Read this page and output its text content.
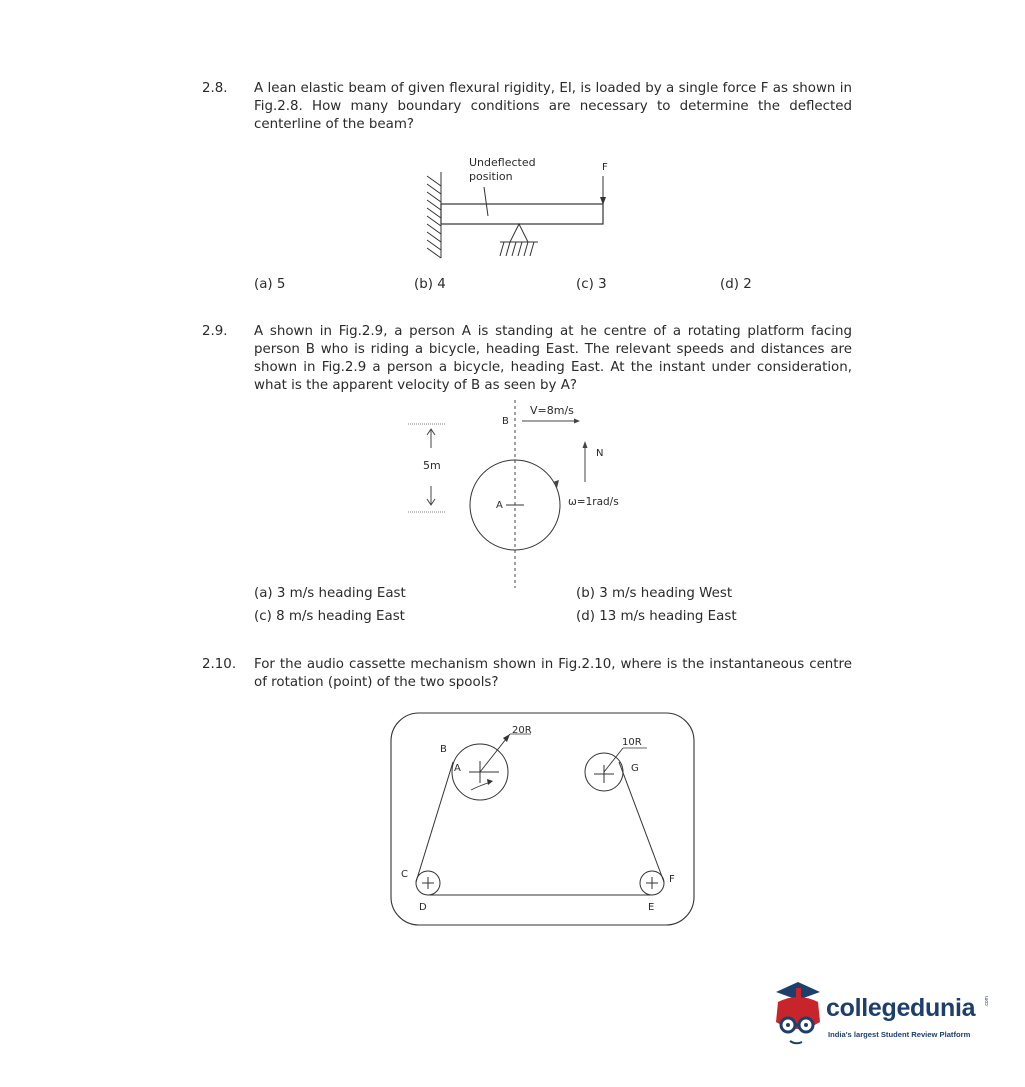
2.8. A lean elastic beam of given flexural rigidity, EI, is loaded by a single force F as shown in Fig.2.8. How many boundary conditions are necessary to determine the deflected centerline of the beam?
Undeflected
position
F
(a) 5	(b) 4	(c) 3	(d) 2
2.9. A shown in Fig.2.9, a person A is standing at he centre of a rotating platform facing person B who is riding a bicycle, heading East. The relevant speeds and distances are shown in Fig.2.9 a person a bicycle, heading East. At the instant under consideration, what is the apparent velocity of B as seen by A?
B
V=8m/s
5m
A
N
ω=1rad/s
(a) 3 m/s heading East	(b) 3 m/s heading West
(c) 8 m/s heading East	(d) 13 m/s heading East
2.10. For the audio cassette mechanism shown in Fig.2.10, where is the instantaneous centre of rotation (point) of the two spools?
20R
B
A
10R
G
C
D	E
F
collegedunia .com
India's largest Student Review Platform
